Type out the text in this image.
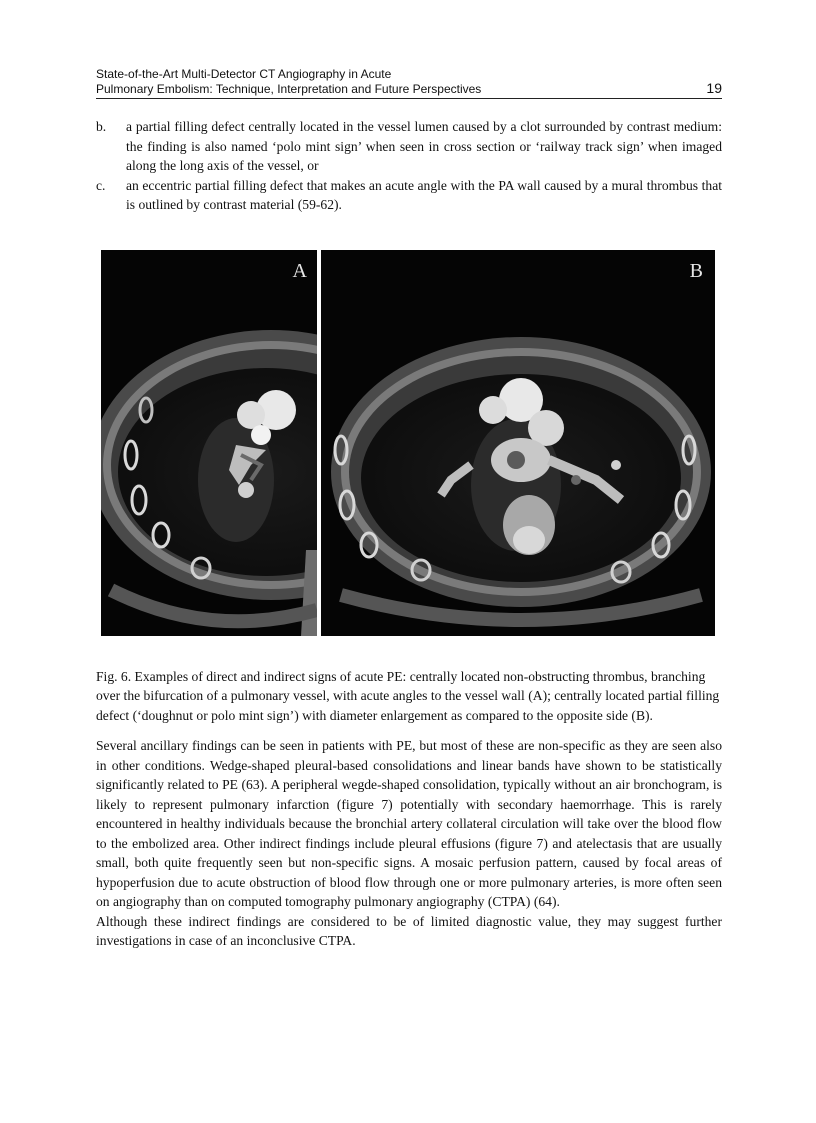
State-of-the-Art Multi-Detector CT Angiography in Acute
Pulmonary Embolism: Technique, Interpretation and Future Perspectives	19

b. a partial filling defect centrally located in the vessel lumen caused by a clot surrounded by contrast medium: the finding is also named ‘polo mint sign’ when seen in cross section or ‘railway track sign’ when imaged along the long axis of the vessel, or

c. an eccentric partial filling defect that makes an acute angle with the PA wall caused by a mural thrombus that is outlined by contrast material (59-62).

A	B

Fig. 6. Examples of direct and indirect signs of acute PE: centrally located non-obstructing thrombus, branching over the bifurcation of a pulmonary vessel, with acute angles to the vessel wall (A); centrally located partial filling defect (‘doughnut or polo mint sign’) with diameter enlargement as compared to the opposite side (B).

Several ancillary findings can be seen in patients with PE, but most of these are non-specific as they are seen also in other conditions. Wedge-shaped pleural-based consolidations and linear bands have shown to be statistically significantly related to PE (63). A peripheral wegde-shaped consolidation, typically without an air bronchogram, is likely to represent pulmonary infarction (figure 7) potentially with secondary haemorrhage. This is rarely encountered in healthy individuals because the bronchial artery collateral circulation will take over the blood flow to the embolized area. Other indirect findings include pleural effusions (figure 7) and atelectasis that are usually small, both quite frequently seen but non-specific signs. A mosaic perfusion pattern, caused by focal areas of hypoperfusion due to acute obstruction of blood flow through one or more pulmonary arteries, is more often seen on angiography than on computed tomography pulmonary angiography (CTPA) (64).

Although these indirect findings are considered to be of limited diagnostic value, they may suggest further investigations in case of an inconclusive CTPA.
